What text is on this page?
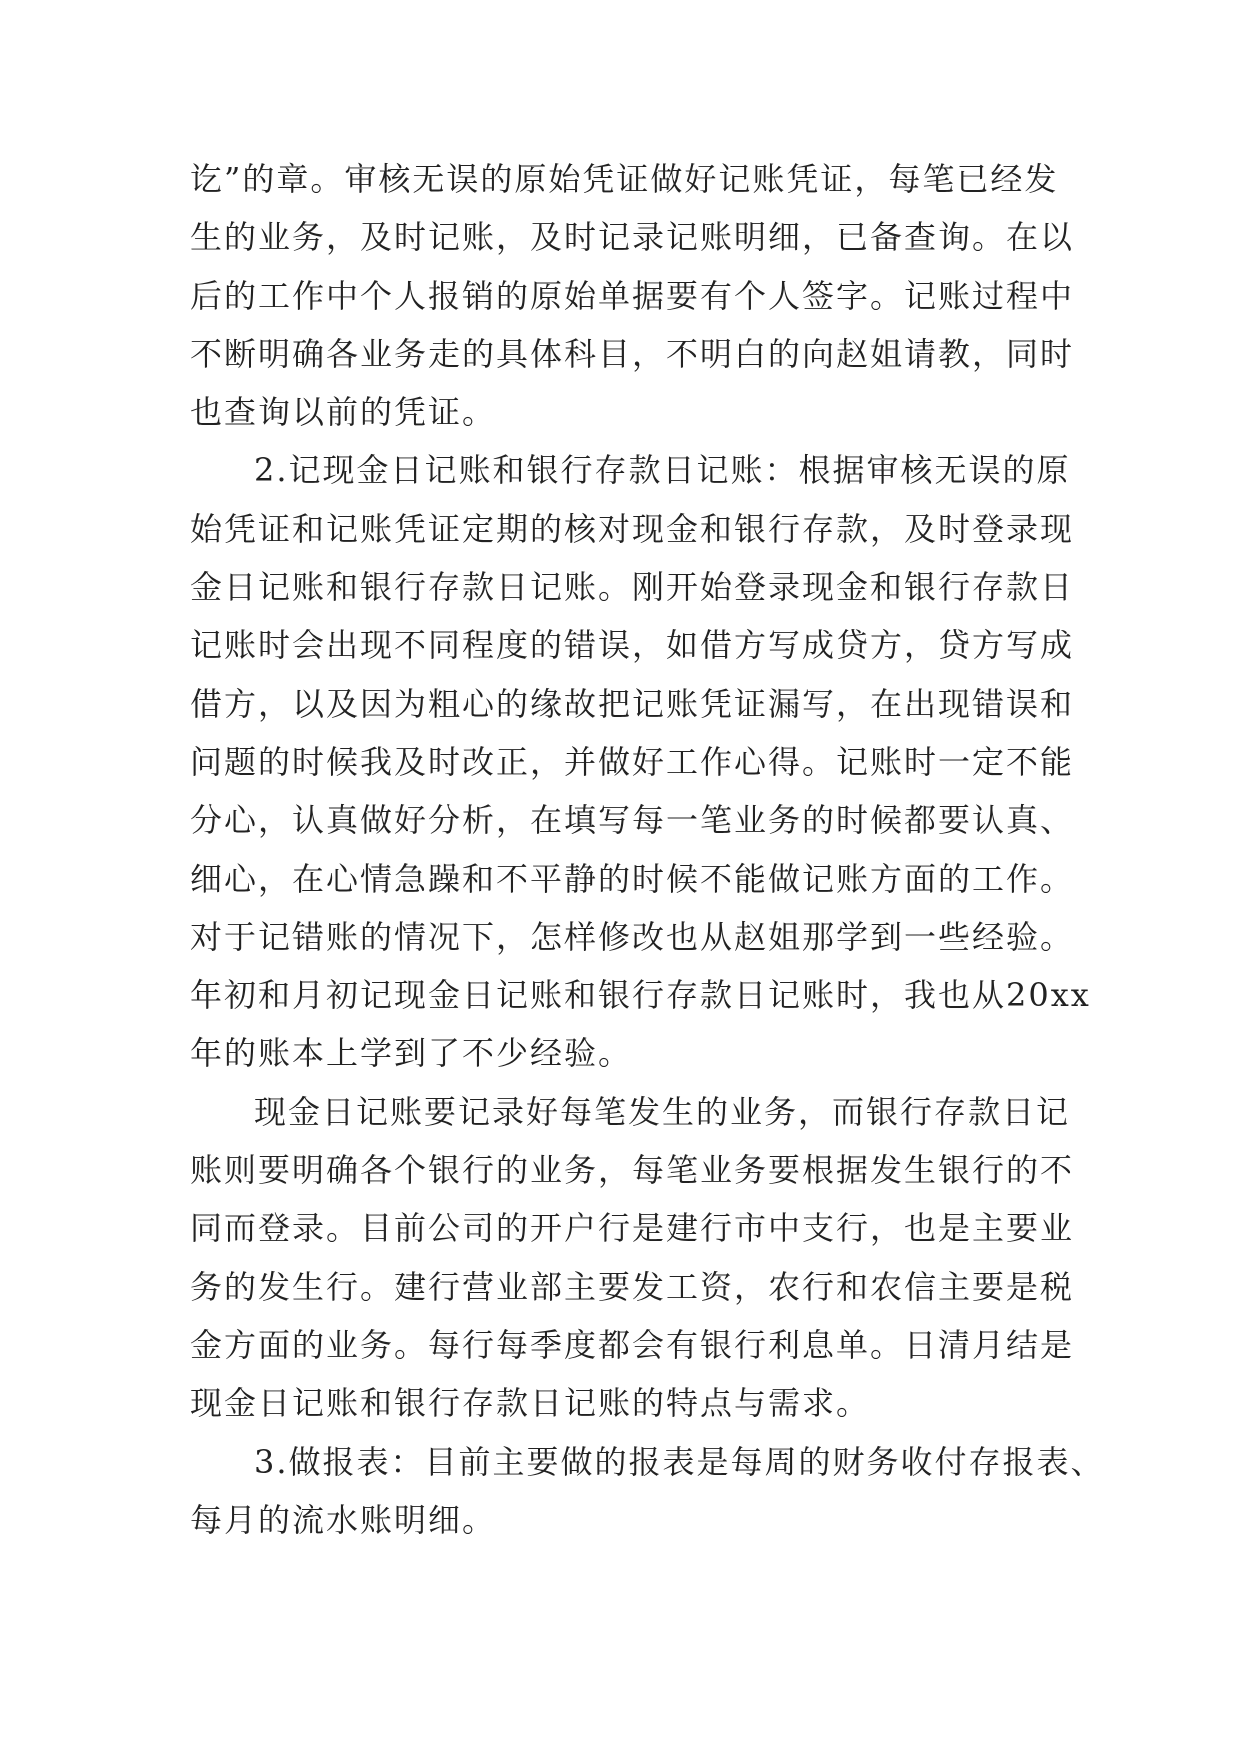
讫”的章。审核无误的原始凭证做好记账凭证，每笔已经发
生的业务，及时记账，及时记录记账明细，已备查询。在以
后的工作中个人报销的原始单据要有个人签字。记账过程中
不断明确各业务走的具体科目，不明白的向赵姐请教，同时
也查询以前的凭证。
2.记现金日记账和银行存款日记账：根据审核无误的原
始凭证和记账凭证定期的核对现金和银行存款，及时登录现
金日记账和银行存款日记账。刚开始登录现金和银行存款日
记账时会出现不同程度的错误，如借方写成贷方，贷方写成
借方，以及因为粗心的缘故把记账凭证漏写，在出现错误和
问题的时候我及时改正，并做好工作心得。记账时一定不能
分心，认真做好分析，在填写每一笔业务的时候都要认真、
细心，在心情急躁和不平静的时候不能做记账方面的工作。
对于记错账的情况下，怎样修改也从赵姐那学到一些经验。
年初和月初记现金日记账和银行存款日记账时，我也从20xx
年的账本上学到了不少经验。
现金日记账要记录好每笔发生的业务，而银行存款日记
账则要明确各个银行的业务，每笔业务要根据发生银行的不
同而登录。目前公司的开户行是建行市中支行，也是主要业
务的发生行。建行营业部主要发工资，农行和农信主要是税
金方面的业务。每行每季度都会有银行利息单。日清月结是
现金日记账和银行存款日记账的特点与需求。
3.做报表：目前主要做的报表是每周的财务收付存报表、
每月的流水账明细。
